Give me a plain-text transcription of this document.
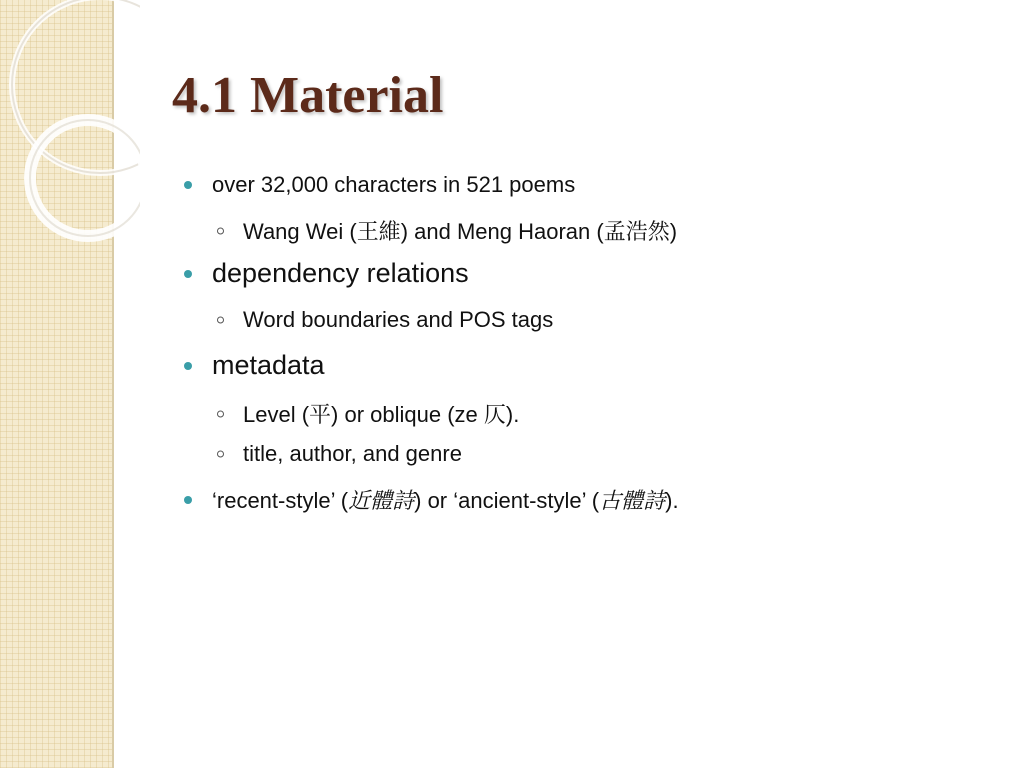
4.1 Material
over 32,000 characters in 521 poems
Wang Wei (王維) and Meng Haoran (孟浩然)
dependency relations
Word boundaries and POS tags
metadata
Level (平) or oblique (ze 仄).
title, author, and genre
‘recent-style’ (近體詩) or ‘ancient-style’ (古體詩).
